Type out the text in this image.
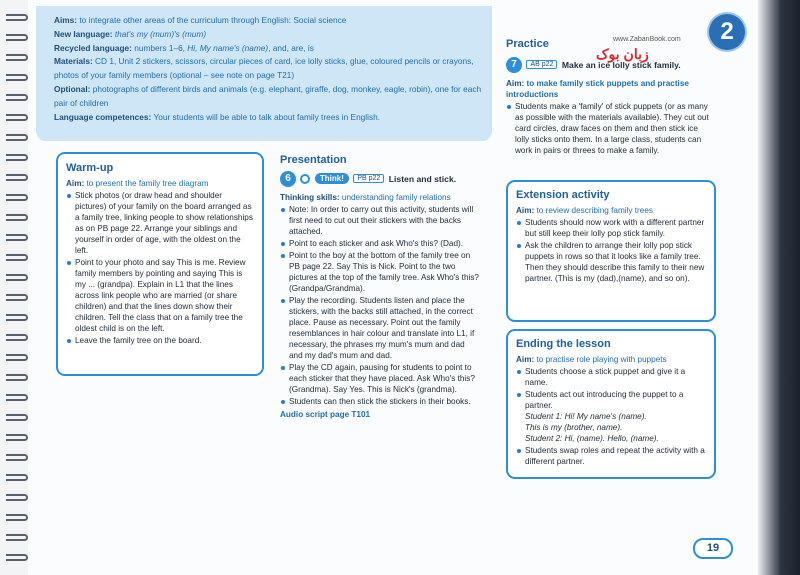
Aims: to integrate other areas of the curriculum through English: Social science
New language: that's my (mum)'s (mum)
Recycled language: numbers 1–6, Hi, My name's (name), and, are, is
Materials: CD 1, Unit 2 stickers, scissors, circular pieces of card, ice lolly sticks, glue, coloured pencils or crayons, photos of your family members (optional – see note on page T21)
Optional: photographs of different birds and animals (e.g. elephant, giraffe, dog, monkey, eagle, robin), one for each pair of children
Language competences: Your students will be able to talk about family trees in English.
Warm-up
Aim: to present the family tree diagram
Stick photos (or draw head and shoulder pictures) of your family on the board arranged as a family tree, linking people to show relationships as on PB page 22. Arrange your siblings and yourself in order of age, with the oldest on the left.
Point to your photo and say This is me. Review family members by pointing and saying This is my ... (grandpa). Explain in L1 that the lines across link people who are married (or share children) and that the lines down show their children. Tell the class that on a family tree the oldest child is on the left.
Leave the family tree on the board.
Presentation
6	Think! PB p22 Listen and stick.
Thinking skills: understanding family relations
Note: In order to carry out this activity, students will first need to cut out their stickers with the backs attached.
Point to each sticker and ask Who's this? (Dad).
Point to the boy at the bottom of the family tree on PB page 22. Say This is Nick. Point to the two pictures at the top of the family tree. Ask Who's this? (Grandpa/Grandma).
Play the recording. Students listen and place the stickers, with the backs still attached, in the correct place. Pause as necessary. Point out the family resemblances in hair colour and translate into L1, if necessary, the phrases my mum's mum and dad and my dad's mum and dad.
Play the CD again, pausing for students to point to each sticker that they have placed. Ask Who's this? (Grandma). Say Yes. This is Nick's (grandma).
Students can then stick the stickers in their books.
Audio script page T101
www.ZabanBook.com
زبان بوک
2
Practice
7 AB p22 Make an ice lolly stick family.
Aim: to make family stick puppets and practise introductions
Students make a 'family' of stick puppets (or as many as possible with the materials available). They cut out card circles, draw faces on them and then stick ice lolly sticks onto them. In a large class, students can work in pairs or threes to make a family.
Extension activity
Aim: to review describing family trees
Students should now work with a different partner but still keep their lolly pop stick family.
Ask the children to arrange their lolly pop stick puppets in rows so that it looks like a family tree. Then they should describe this family to their new partner. (This is my (dad),(name), and so on).
Ending the lesson
Aim: to practise role playing with puppets
Students choose a stick puppet and give it a name.
Students act out introducing the puppet to a partner.
Student 1: Hi! My name's (name).
This is my (brother, name).
Student 2: Hi, (name). Hello, (name).
Students swap roles and repeat the activity with a different partner.
19
